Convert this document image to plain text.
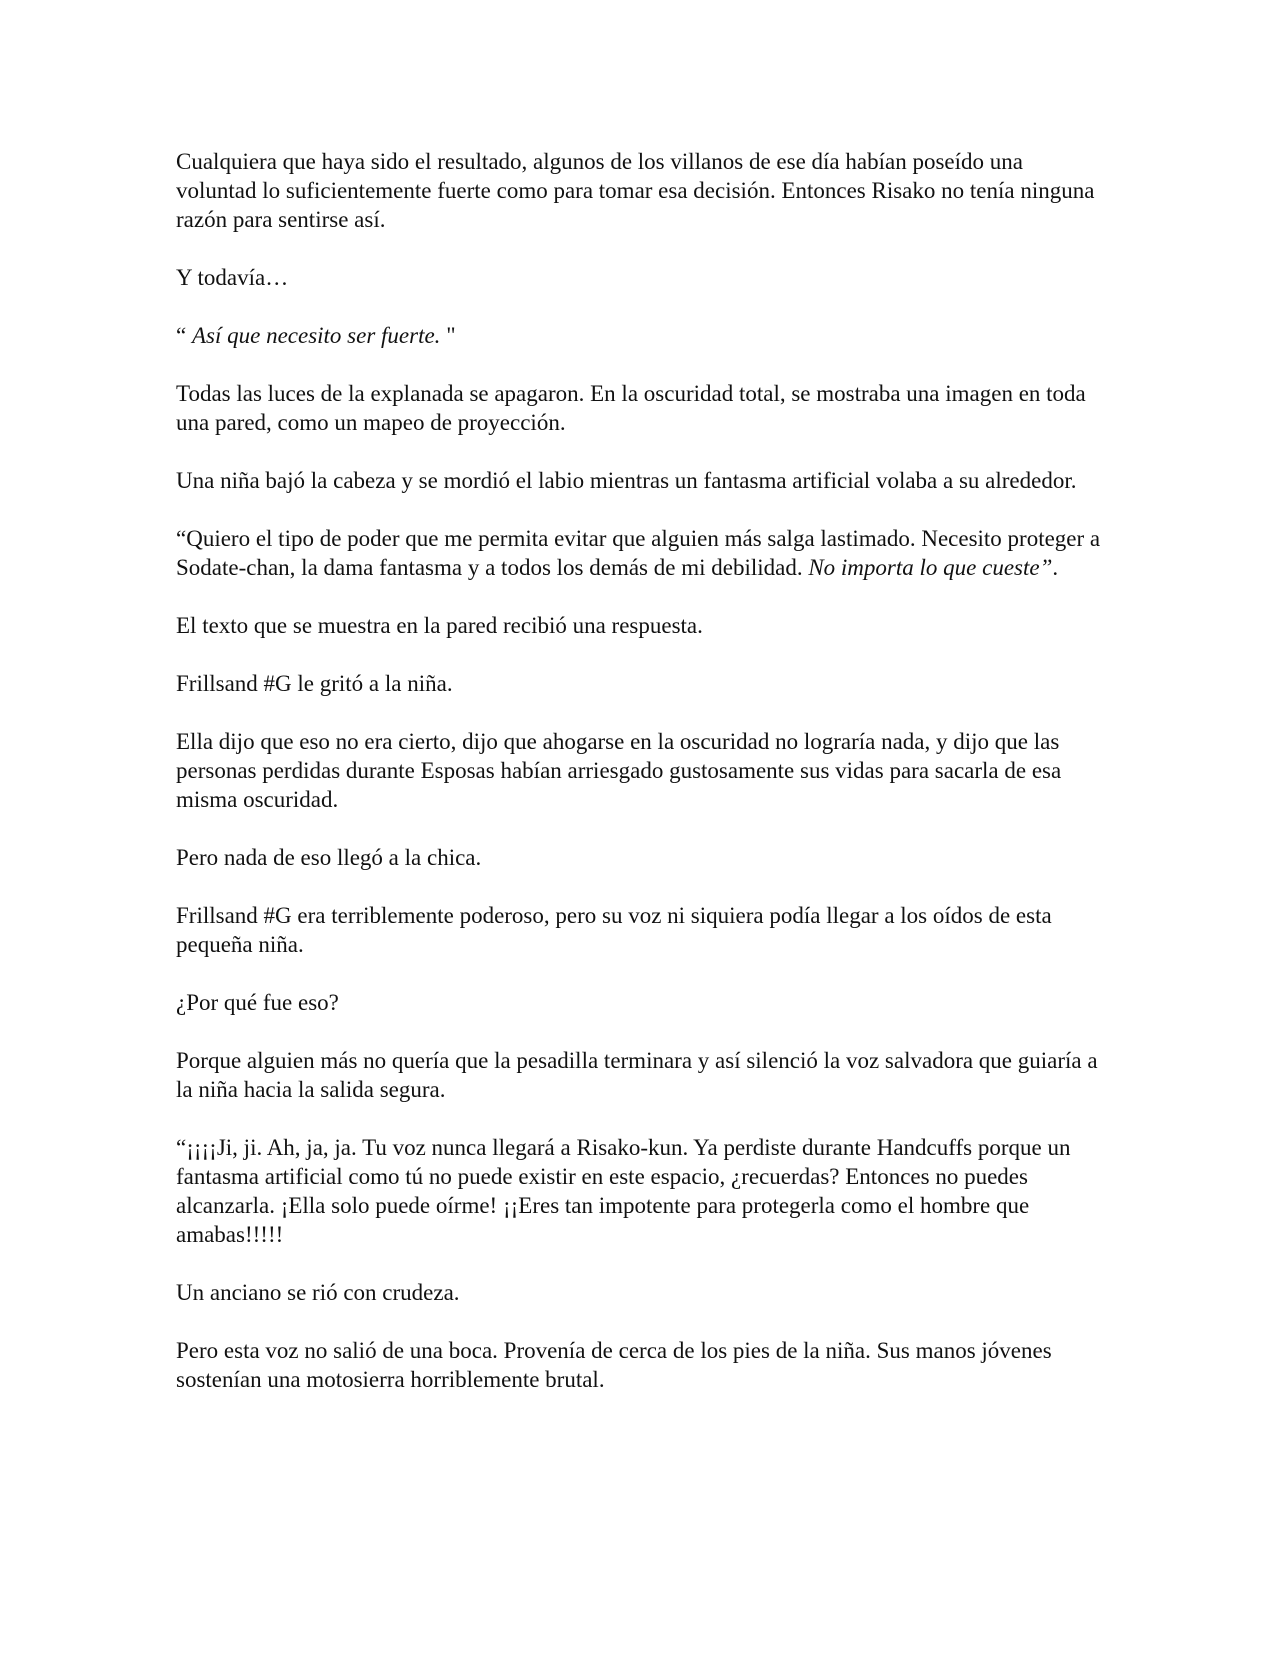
Cualquiera que haya sido el resultado, algunos de los villanos de ese día habían poseído una voluntad lo suficientemente fuerte como para tomar esa decisión. Entonces Risako no tenía ninguna razón para sentirse así.

Y todavía…

“ Así que necesito ser fuerte. "

Todas las luces de la explanada se apagaron. En la oscuridad total, se mostraba una imagen en toda una pared, como un mapeo de proyección.

Una niña bajó la cabeza y se mordió el labio mientras un fantasma artificial volaba a su alrededor.

“Quiero el tipo de poder que me permita evitar que alguien más salga lastimado. Necesito proteger a Sodate-chan, la dama fantasma y a todos los demás de mi debilidad. No importa lo que cueste”.

El texto que se muestra en la pared recibió una respuesta.

Frillsand #G le gritó a la niña.

Ella dijo que eso no era cierto, dijo que ahogarse en la oscuridad no lograría nada, y dijo que las personas perdidas durante Esposas habían arriesgado gustosamente sus vidas para sacarla de esa misma oscuridad.

Pero nada de eso llegó a la chica.

Frillsand #G era terriblemente poderoso, pero su voz ni siquiera podía llegar a los oídos de esta pequeña niña.

¿Por qué fue eso?

Porque alguien más no quería que la pesadilla terminara y así silenció la voz salvadora que guiaría a la niña hacia la salida segura.

“¡¡¡¡Ji, ji. Ah, ja, ja. Tu voz nunca llegará a Risako-kun. Ya perdiste durante Handcuffs porque un fantasma artificial como tú no puede existir en este espacio, ¿recuerdas? Entonces no puedes alcanzarla. ¡Ella solo puede oírme! ¡¡Eres tan impotente para protegerla como el hombre que amabas!!!!!

Un anciano se rió con crudeza.

Pero esta voz no salió de una boca. Provenía de cerca de los pies de la niña. Sus manos jóvenes sostenían una motosierra horriblemente brutal.
